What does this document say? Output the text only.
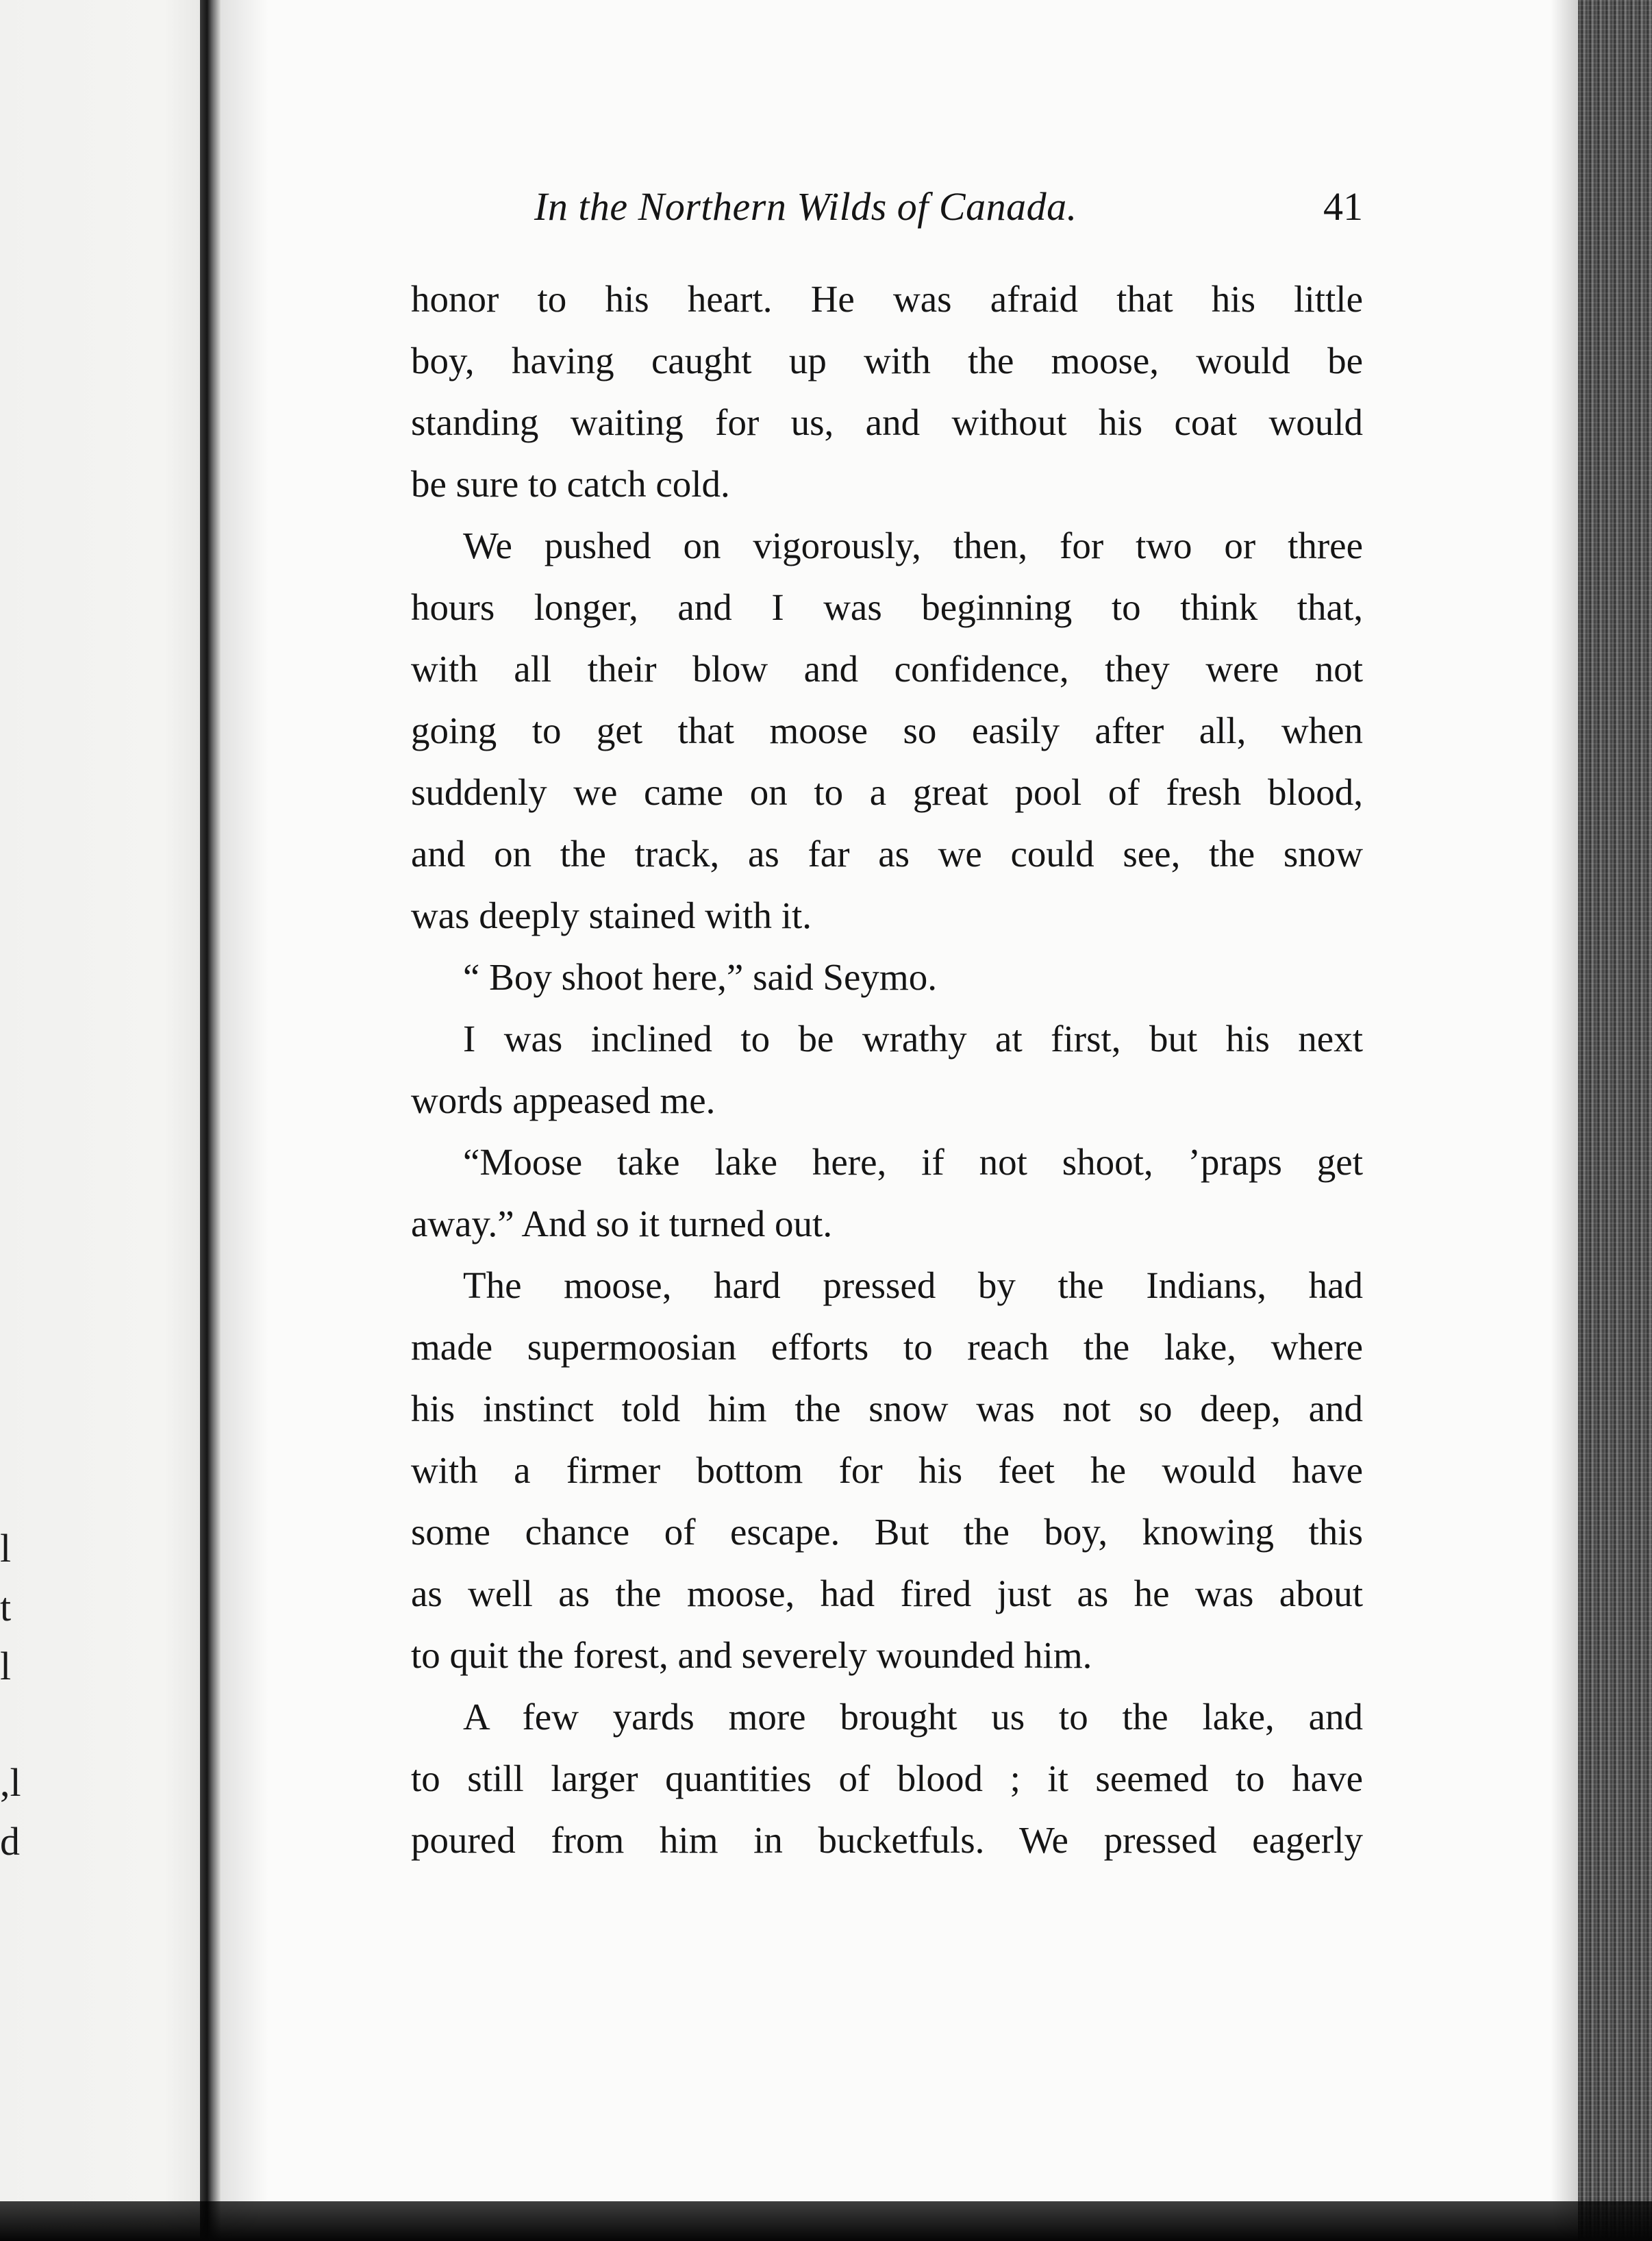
l
t
l
,l
d
In the Northern Wilds of Canada.	41
honor to his heart. He was afraid that his little
boy, having caught up with the moose, would be
standing waiting for us, and without his coat would
be sure to catch cold.
We pushed on vigorously, then, for two or three
hours longer, and I was beginning to think that,
with all their blow and confidence, they were not
going to get that moose so easily after all, when
suddenly we came on to a great pool of fresh blood,
and on the track, as far as we could see, the snow
was deeply stained with it.
“ Boy shoot here,” said Seymo.
I was inclined to be wrathy at first, but his next
words appeased me.
“Moose take lake here, if not shoot, ’praps get
away.” And so it turned out.
The moose, hard pressed by the Indians, had
made supermoosian efforts to reach the lake, where
his instinct told him the snow was not so deep, and
with a firmer bottom for his feet he would have
some chance of escape. But the boy, knowing this
as well as the moose, had fired just as he was about
to quit the forest, and severely wounded him.
A few yards more brought us to the lake, and
to still larger quantities of blood ; it seemed to have
poured from him in bucketfuls. We pressed eagerly
